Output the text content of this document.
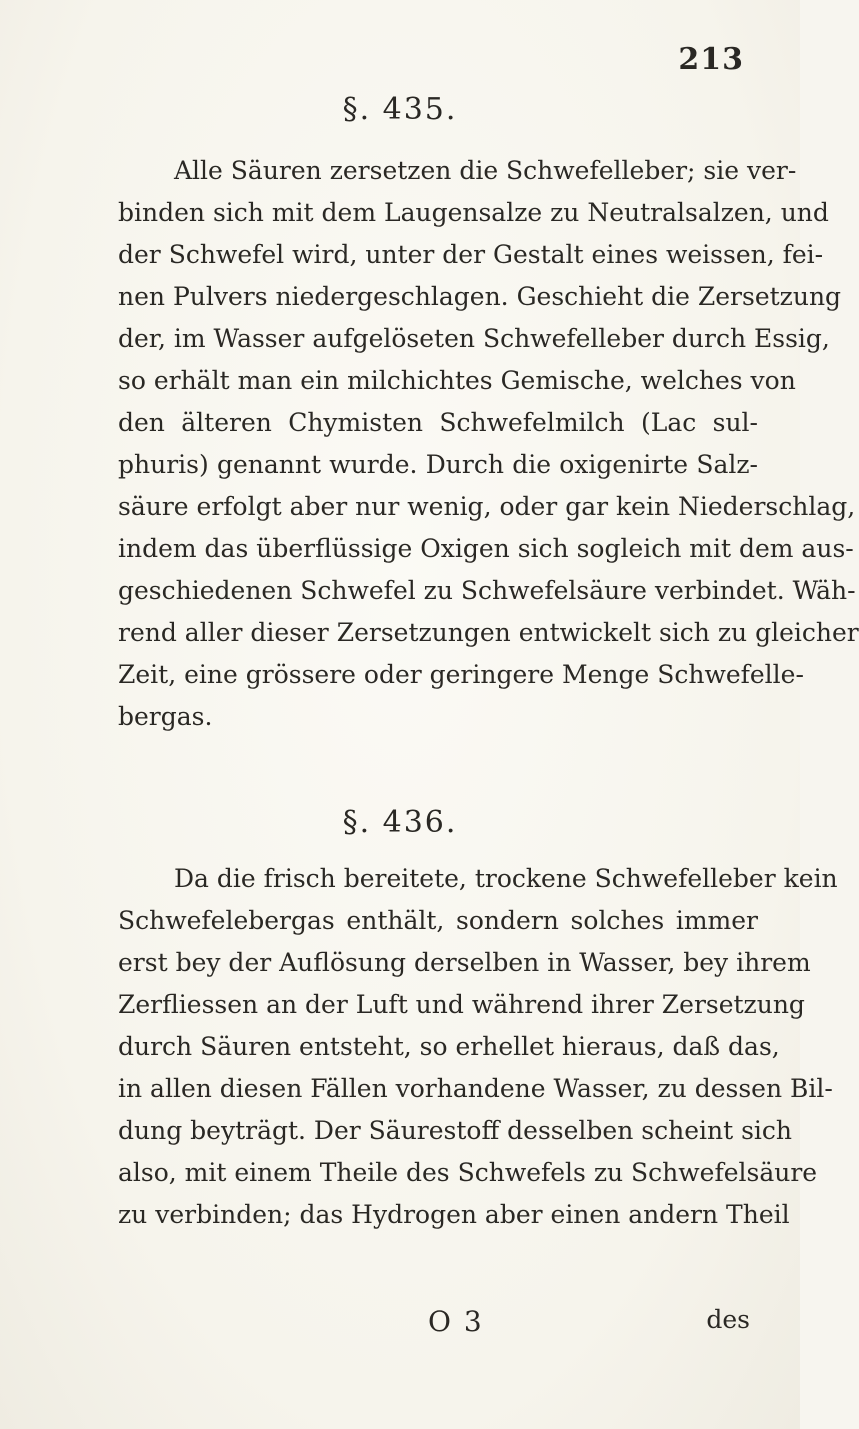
213
§. 435.
Alle Säuren zersetzen die Schwefelleber; sie ver-
binden sich mit dem Laugensalze zu Neutralsalzen, und
der Schwefel wird, unter der Gestalt eines weissen, fei-
nen Pulvers niedergeschlagen. Geschieht die Zersetzung
der, im Wasser aufgelöseten Schwefelleber durch Essig,
so erhält man ein milchichtes Gemische, welches von
den älteren Chymisten Schwefelmilch (Lac sul-
phuris) genannt wurde. Durch die oxigenirte Salz-
säure erfolgt aber nur wenig, oder gar kein Niederschlag,
indem das überflüssige Oxigen sich sogleich mit dem aus-
geschiedenen Schwefel zu Schwefelsäure verbindet. Wäh-
rend aller dieser Zersetzungen entwickelt sich zu gleicher
Zeit, eine grössere oder geringere Menge Schwefelle-
bergas.
§. 436.
Da die frisch bereitete, trockene Schwefelleber kein
Schwefelebergas enthält, sondern solches immer
erst bey der Auflösung derselben in Wasser, bey ihrem
Zerfliessen an der Luft und während ihrer Zersetzung
durch Säuren entsteht, so erhellet hieraus, daß das,
in allen diesen Fällen vorhandene Wasser, zu dessen Bil-
dung beyträgt. Der Säurestoff desselben scheint sich
also, mit einem Theile des Schwefels zu Schwefelsäure
zu verbinden; das Hydrogen aber einen andern Theil
O 3	des
